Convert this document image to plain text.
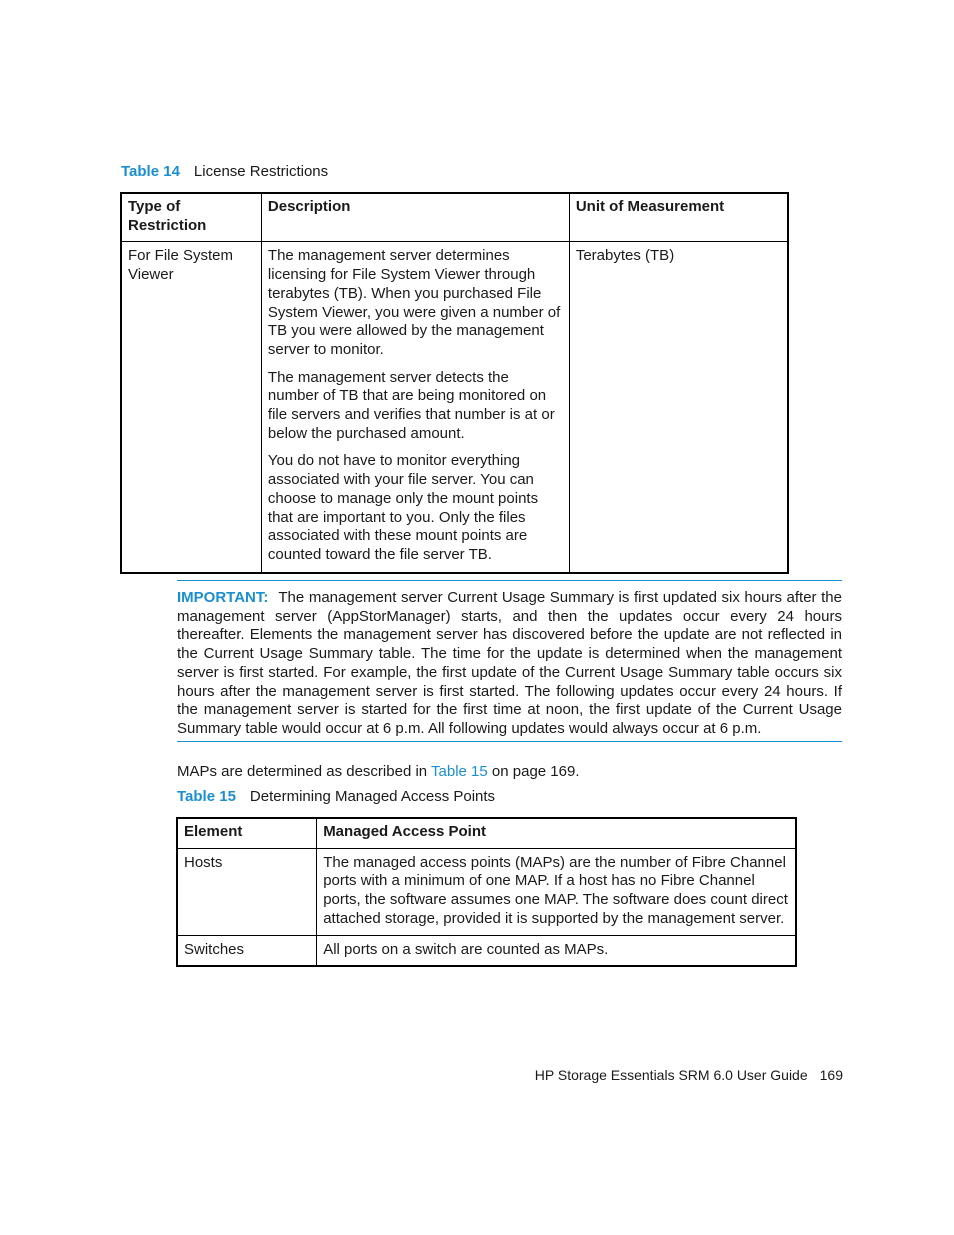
Table 14 License Restrictions
Type of Restriction	Description	Unit of Measurement
For File System Viewer	The management server determines licensing for File System Viewer through terabytes (TB). When you purchased File System Viewer, you were given a number of TB you were allowed by the management server to monitor.

The management server detects the number of TB that are being monitored on file servers and verifies that number is at or below the purchased amount.

You do not have to monitor everything associated with your file server. You can choose to manage only the mount points that are important to you. Only the files associated with these mount points are counted toward the file server TB.	Terabytes (TB)
IMPORTANT: The management server Current Usage Summary is first updated six hours after the management server (AppStorManager) starts, and then the updates occur every 24 hours thereafter. Elements the management server has discovered before the update are not reflected in the Current Usage Summary table. The time for the update is determined when the management server is first started. For example, the first update of the Current Usage Summary table occurs six hours after the management server is first started. The following updates occur every 24 hours. If the management server is started for the first time at noon, the first update of the Current Usage Summary table would occur at 6 p.m. All following updates would always occur at 6 p.m.
MAPs are determined as described in Table 15 on page 169.
Table 15 Determining Managed Access Points
Element	Managed Access Point
Hosts	The managed access points (MAPs) are the number of Fibre Channel ports with a minimum of one MAP. If a host has no Fibre Channel ports, the software assumes one MAP. The software does count direct attached storage, provided it is supported by the management server.
Switches	All ports on a switch are counted as MAPs.
HP Storage Essentials SRM 6.0 User Guide 169
